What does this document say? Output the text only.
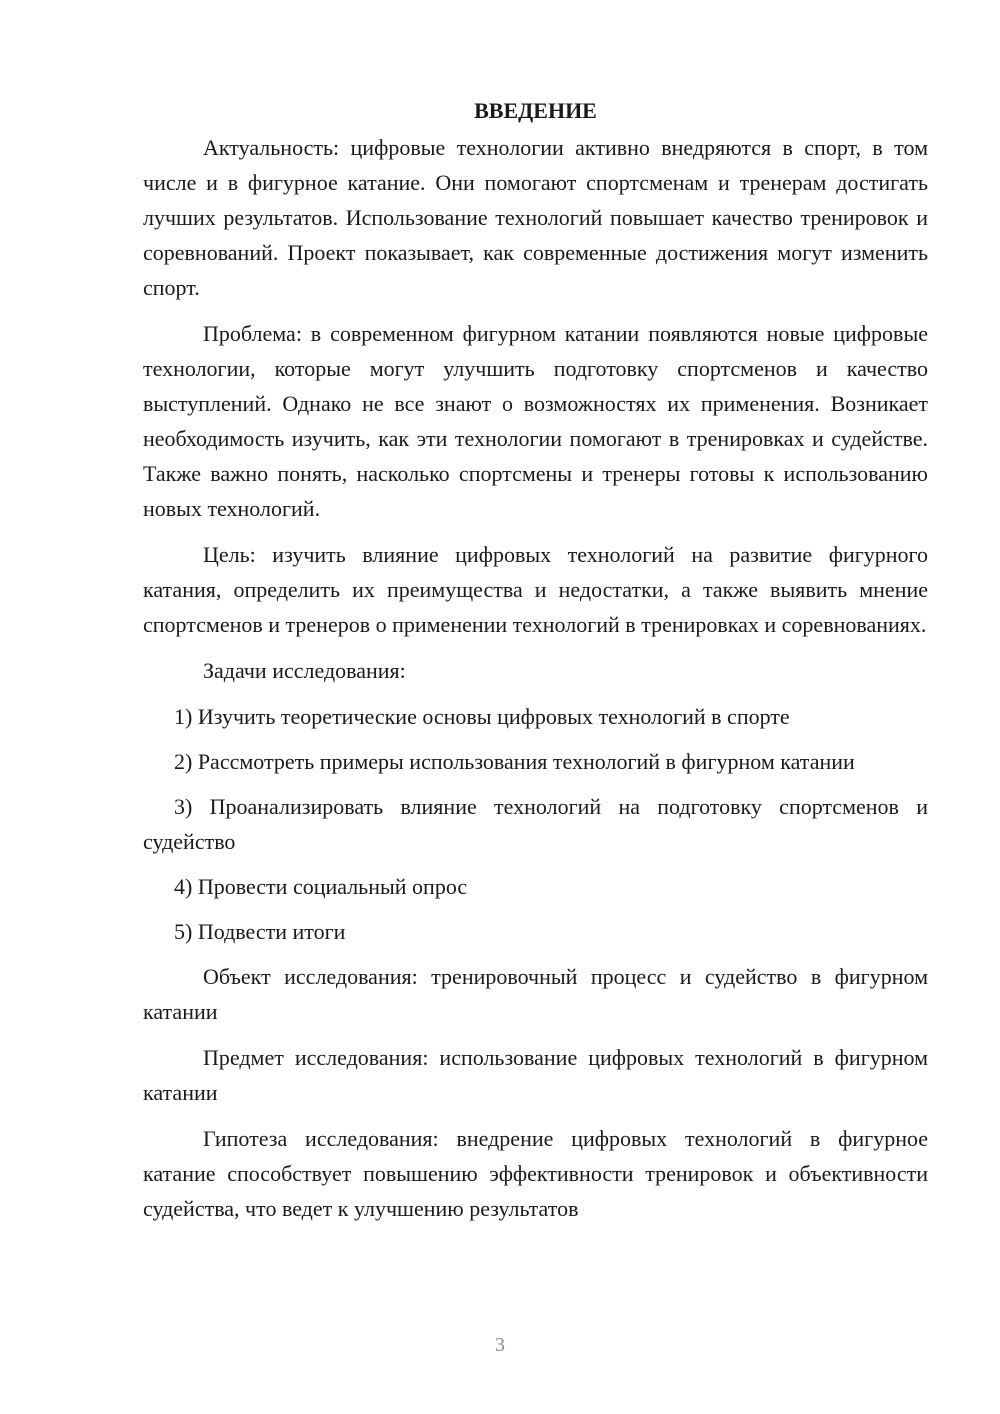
ВВЕДЕНИЕ

Актуальность: цифровые технологии активно внедряются в спорт, в том числе и в фигурное катание. Они помогают спортсменам и тренерам достигать лучших результатов. Использование технологий повышает качество тренировок и соревнований. Проект показывает, как современные достижения могут изменить спорт.

Проблема: в современном фигурном катании появляются новые цифровые технологии, которые могут улучшить подготовку спортсменов и качество выступлений. Однако не все знают о возможностях их применения. Возникает необходимость изучить, как эти технологии помогают в тренировках и судействе. Также важно понять, насколько спортсмены и тренеры готовы к использованию новых технологий.

Цель: изучить влияние цифровых технологий на развитие фигурного катания, определить их преимущества и недостатки, а также выявить мнение спортсменов и тренеров о применении технологий в тренировках и соревнованиях.

Задачи исследования:

1) Изучить теоретические основы цифровых технологий в спорте

2) Рассмотреть примеры использования технологий в фигурном катании

3) Проанализировать влияние технологий на подготовку спортсменов и судейство

4) Провести социальный опрос

5) Подвести итоги

Объект исследования: тренировочный процесс и судейство в фигурном катании

Предмет исследования: использование цифровых технологий в фигурном катании

Гипотеза исследования: внедрение цифровых технологий в фигурное катание способствует повышению эффективности тренировок и объективности судейства, что ведет к улучшению результатов

3
